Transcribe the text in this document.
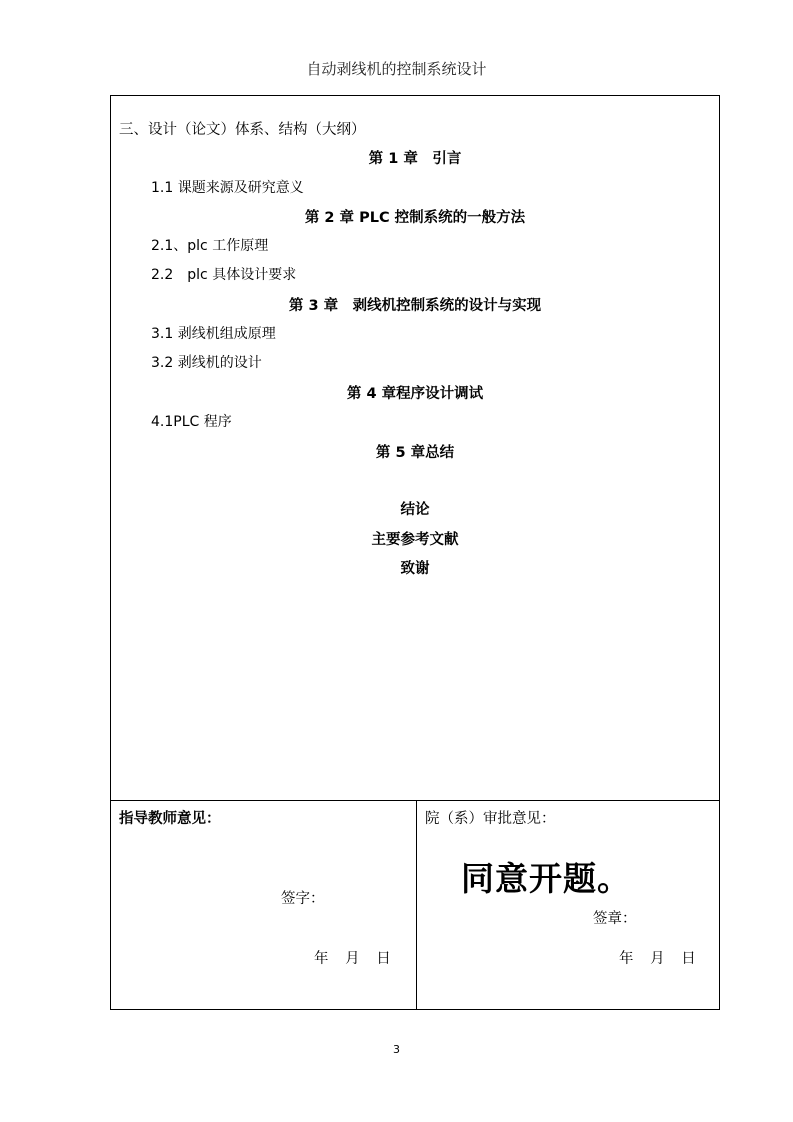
自动剥线机的控制系统设计
三、设计（论文）体系、结构（大纲）
第 1 章　引言
1.1 课题来源及研究意义
第 2 章 PLC 控制系统的一般方法
2.1、plc 工作原理
2.2　plc 具体设计要求
第 3 章　剥线机控制系统的设计与实现
3.1 剥线机组成原理
3.2 剥线机的设计
第 4 章程序设计调试
4.1PLC 程序
第 5 章总结
结论
主要参考文献
致谢
指导教师意见：
签字：
年 月 日
院（系）审批意见：
同意开题。
签章：
年 月 日
3
